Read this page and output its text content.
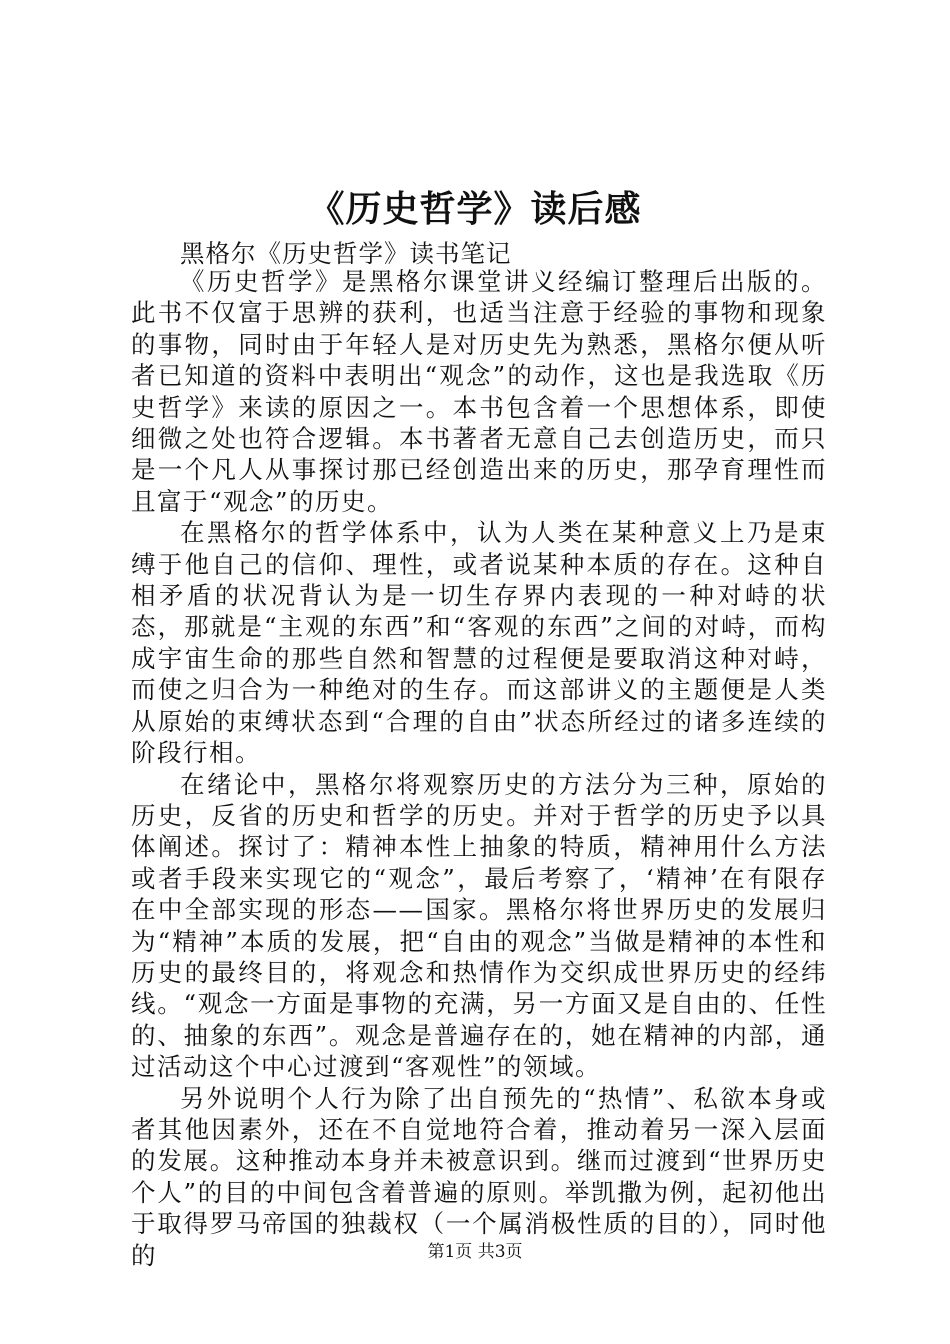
《历史哲学》读后感

黑格尔《历史哲学》读书笔记

《历史哲学》是黑格尔课堂讲义经编订整理后出版的。此书不仅富于思辨的获利，也适当注意于经验的事物和现象的事物，同时由于年轻人是对历史先为熟悉，黑格尔便从听者已知道的资料中表明出“观念”的动作，这也是我选取《历史哲学》来读的原因之一。本书包含着一个思想体系，即使细微之处也符合逻辑。本书著者无意自己去创造历史，而只是一个凡人从事探讨那已经创造出来的历史，那孕育理性而且富于“观念”的历史。

在黑格尔的哲学体系中，认为人类在某种意义上乃是束缚于他自己的信仰、理性，或者说某种本质的存在。这种自相矛盾的状况背认为是一切生存界内表现的一种对峙的状态，那就是“主观的东西”和“客观的东西”之间的对峙，而构成宇宙生命的那些自然和智慧的过程便是要取消这种对峙，而使之归合为一种绝对的生存。而这部讲义的主题便是人类从原始的束缚状态到“合理的自由”状态所经过的诸多连续的阶段行相。

在绪论中，黑格尔将观察历史的方法分为三种，原始的历史，反省的历史和哲学的历史。并对于哲学的历史予以具体阐述。探讨了：精神本性上抽象的特质，精神用什么方法或者手段来实现它的“观念”，最后考察了，‘精神’在有限存在中全部实现的形态——国家。黑格尔将世界历史的发展归为“精神”本质的发展，把“自由的观念”当做是精神的本性和历史的最终目的，将观念和热情作为交织成世界历史的经纬线。“观念一方面是事物的充满，另一方面又是自由的、任性的、抽象的东西”。观念是普遍存在的，她在精神的内部，通过活动这个中心过渡到“客观性”的领域。

另外说明个人行为除了出自预先的“热情”、私欲本身或者其他因素外，还在不自觉地符合着，推动着另一深入层面的发展。这种推动本身并未被意识到。继而过渡到“世界历史个人”的目的中间包含着普遍的原则。举凯撒为例，起初他出于取得罗马帝国的独裁权（一个属消极性质的目的），同时他的	第1页 共3页
